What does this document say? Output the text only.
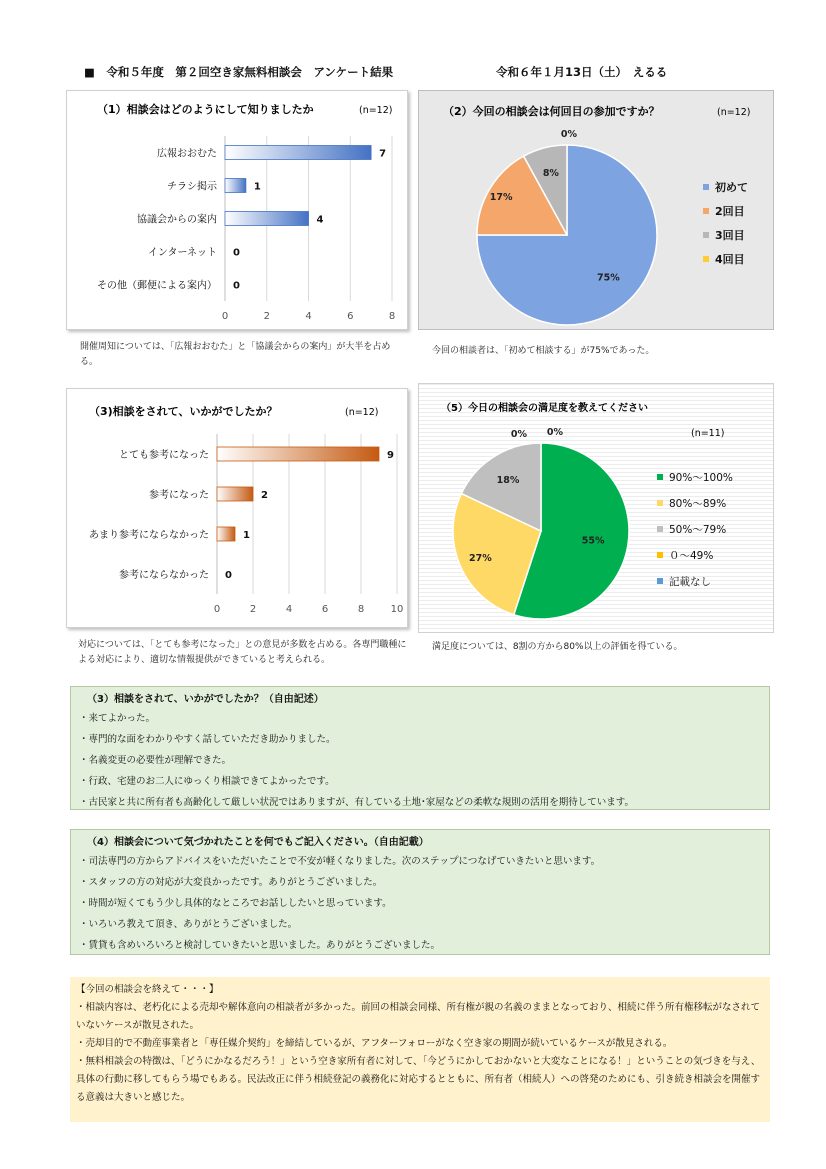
■　令和５年度　第２回空き家無料相談会　アンケート結果	令和６年１月13日（土）　えるる
（1）相談会はどのようにして知りましたか	(n=12)
0	2	4	6	8
広報おおむた	7
チラシ掲示	1
協議会からの案内	4
インターネット 0
その他（郵便による案内） 0
開催周知については、「広報おおむた」と「協議会からの案内」が大半を占める。
（2）今回の相談会は何回目の参加ですか？	(n=12)
75%
17%
8%
0%
初めて
2回目
3回目
4回目
今回の相談者は、「初めて相談する」が75%であった。
（3)相談をされて、いかがでしたか？	(n=12)
0	2	4	6	8	10
とても参考になった	9
参考になった	2
あまり参考にならなかった	1
参考にならなかった 0
対応については、「とても参考になった」との意見が多数を占める。各専門職種による対応により、適切な情報提供ができていると考えられる。
（5）今日の相談会の満足度を教えてください
(n=11)
55%
27%
18%
0% 0%
90%～100%
80%～89%
50%～79%
０～49%
記載なし
満足度については、8割の方から80%以上の評価を得ている。
（3）相談をされて、いかがでしたか？（自由記述）
・来てよかった。
・専門的な面をわかりやすく話していただき助かりました。
・名義変更の必要性が理解できた。
・行政、宅建のお二人にゆっくり相談できてよかったです。
・古民家と共に所有者も高齢化して厳しい状況ではありますが、有している土地･家屋などの柔軟な規則の活用を期待しています。
（4）相談会について気づかれたことを何でもご記入ください。（自由記載）
・司法専門の方からアドバイスをいただいたことで不安が軽くなりました。次のステップにつなげていきたいと思います。
・スタッフの方の対応が大変良かったです。ありがとうございました。
・時間が短くてもう少し具体的なところでお話ししたいと思っています。
・いろいろ教えて頂き、ありがとうございました。
・賃貸も含めいろいろと検討していきたいと思いました。ありがとうございました。
【今回の相談会を終えて・・・】
・相談内容は、老朽化による売却や解体意向の相談者が多かった。前回の相談会同様、所有権が親の名義のままとなっており、相続に伴う所有権移転がなされていないケースが散見された。
・売却目的で不動産事業者と「専任媒介契約」を締結しているが、アフターフォローがなく空き家の期間が続いているケースが散見される。
・無料相談会の特徴は、「どうにかなるだろう！」という空き家所有者に対して、「今どうにかしておかないと大変なことになる！」ということの気づきを与え、具体の行動に移してもらう場でもある。民法改正に伴う相続登記の義務化に対応するとともに、所有者（相続人）への啓発のためにも、引き続き相談会を開催する意義は大きいと感じた。
